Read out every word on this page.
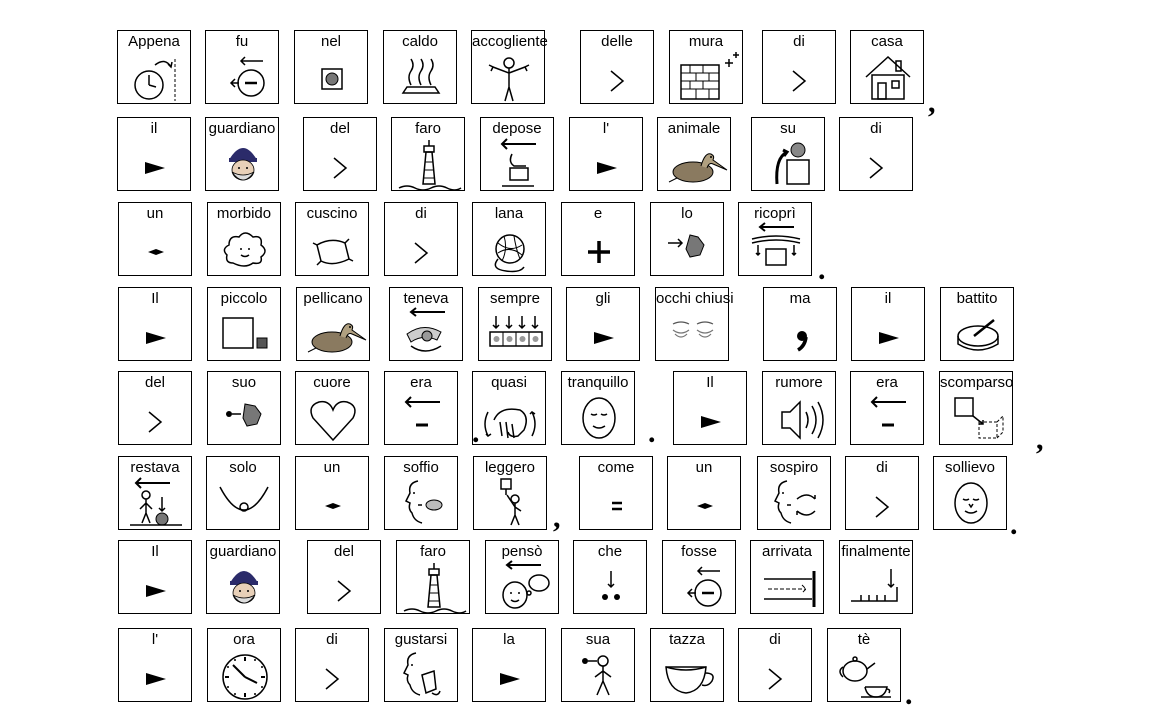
Appena	fu	nel	caldo	accogliente	delle	mura	di	casa
,
il	guardiano	del	faro	depose	l'	animale	su	di
un	morbido	cuscino	di	lana	e	lo	ricoprì
.
Il	piccolo	pellicano	teneva	sempre	gli	occhi chiusi	ma	il	battito
del	suo	cuore	era	quasi	tranquillo	Il	rumore	era	scomparso
,
restava	solo	un	soffio	leggero	come	un	sospiro	di	sollievo
.
Il	guardiano	del	faro	pensò	che	fosse	arrivata	finalmente
l'	ora	di	gustarsi	la	sua	tazza	di	tè
.
.	.
,
